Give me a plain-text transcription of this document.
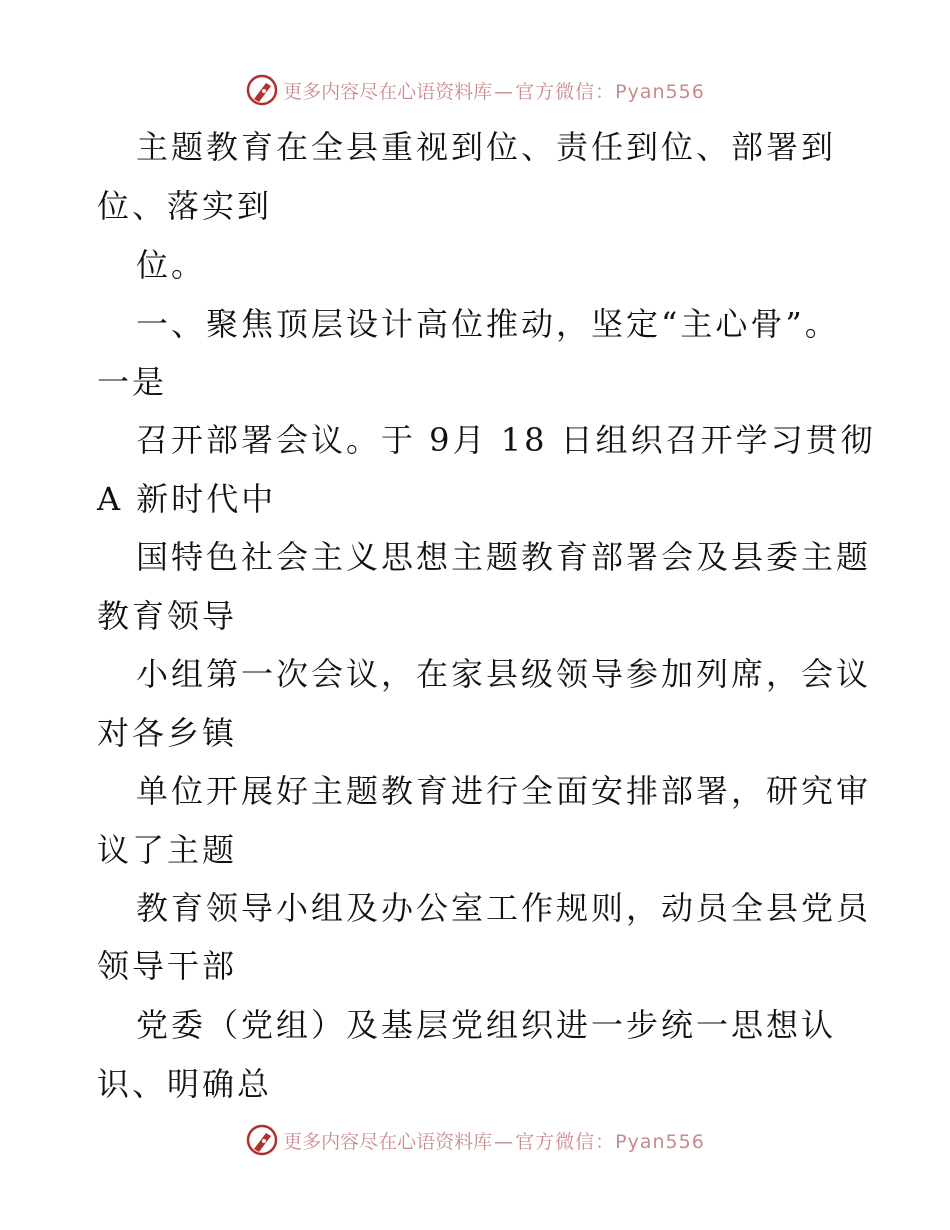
更多内容尽在心语资料库 — 官方微信：Pyan556
主题教育在全县重视到位、责任到位、部署到
位、落实到
位。
一、聚焦顶层设计高位推动，坚定“主心骨”。
一是
召开部署会议。于 9月 18 日组织召开学习贯彻
A 新时代中
国特色社会主义思想主题教育部署会及县委主题
教育领导
小组第一次会议，在家县级领导参加列席，会议
对各乡镇
单位开展好主题教育进行全面安排部署，研究审
议了主题
教育领导小组及办公室工作规则，动员全县党员
领导干部
党委（党组）及基层党组织进一步统一思想认
识、明确总
更多内容尽在心语资料库 — 官方微信：Pyan556
